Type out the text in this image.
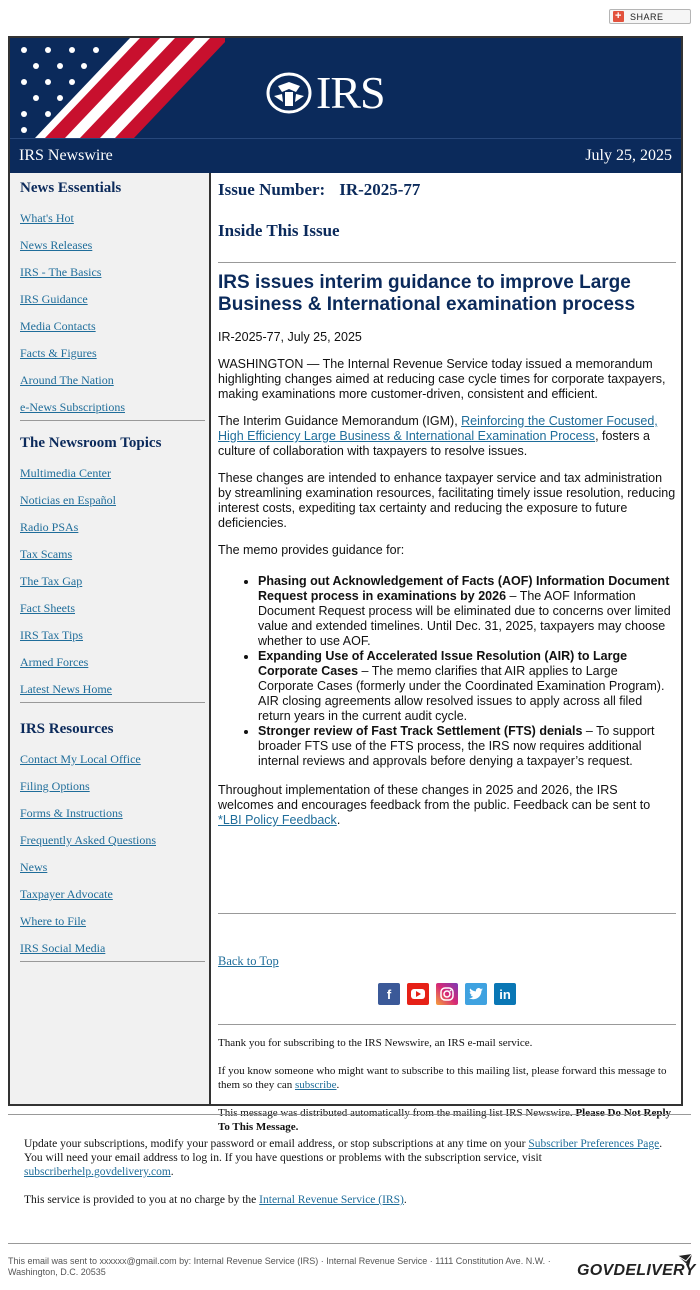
+ SHARE
IRS
IRS Newswire	July 25, 2025
News Essentials
What's Hot
News Releases
IRS - The Basics
IRS Guidance
Media Contacts
Facts & Figures
Around The Nation
e-News Subscriptions
The Newsroom Topics
Multimedia Center
Noticias en Español
Radio PSAs
Tax Scams
The Tax Gap
Fact Sheets
IRS Tax Tips
Armed Forces
Latest News Home
IRS Resources
Contact My Local Office
Filing Options
Forms & Instructions
Frequently Asked Questions
News
Taxpayer Advocate
Where to File
IRS Social Media
Issue Number: IR-2025-77
Inside This Issue
IRS issues interim guidance to improve Large Business & International examination process

IR-2025-77, July 25, 2025

WASHINGTON — The Internal Revenue Service today issued a memorandum highlighting changes aimed at reducing case cycle times for corporate taxpayers, making examinations more customer-driven, consistent and efficient.

The Interim Guidance Memorandum (IGM), Reinforcing the Customer Focused, High Efficiency Large Business & International Examination Process, fosters a culture of collaboration with taxpayers to resolve issues.

These changes are intended to enhance taxpayer service and tax administration by streamlining examination resources, facilitating timely issue resolution, reducing interest costs, expediting tax certainty and reducing the exposure to future deficiencies.

The memo provides guidance for:

• Phasing out Acknowledgement of Facts (AOF) Information Document Request process in examinations by 2026 – The AOF Information Document Request process will be eliminated due to concerns over limited value and extended timelines. Until Dec. 31, 2025, taxpayers may choose whether to use AOF.
• Expanding Use of Accelerated Issue Resolution (AIR) to Large Corporate Cases – The memo clarifies that AIR applies to Large Corporate Cases (formerly under the Coordinated Examination Program). AIR closing agreements allow resolved issues to apply across all filed return years in the current audit cycle.
• Stronger review of Fast Track Settlement (FTS) denials – To support broader FTS use of the FTS process, the IRS now requires additional internal reviews and approvals before denying a taxpayer’s request.

Throughout implementation of these changes in 2025 and 2026, the IRS welcomes and encourages feedback from the public. Feedback can be sent to *LBI Policy Feedback.

Back to Top
f	in

Thank you for subscribing to the IRS Newswire, an IRS e-mail service.

If you know someone who might want to subscribe to this mailing list, please forward this message to them so they can subscribe.

This message was distributed automatically from the mailing list IRS Newswire. Please Do Not Reply To This Message.

Update your subscriptions, modify your password or email address, or stop subscriptions at any time on your Subscriber Preferences Page. You will need your email address to log in. If you have questions or problems with the subscription service, visit subscriberhelp.govdelivery.com.

This service is provided to you at no charge by the Internal Revenue Service (IRS).

This email was sent to xxxxxx@gmail.com by: Internal Revenue Service (IRS) · Internal Revenue Service · 1111 Constitution Ave. N.W. · Washington, D.C. 20535	GOVDELIVERY
